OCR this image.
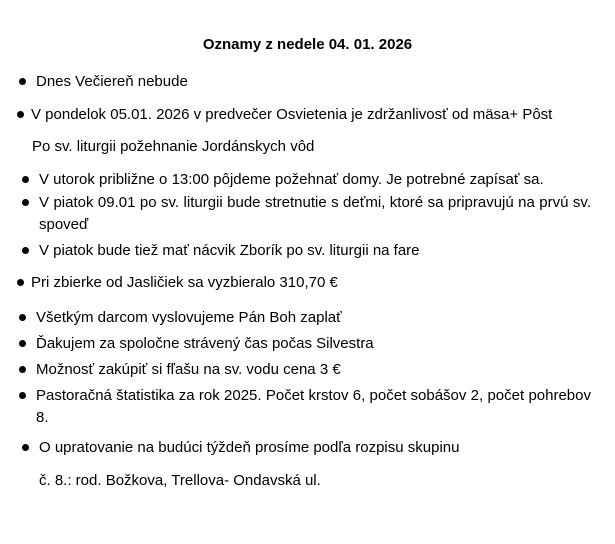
Oznamy z nedele 04. 01. 2026
Dnes Večiereň nebude
V pondelok 05.01. 2026 v predvečer Osvietenia je zdržanlivosť od mäsa+ Pôst
Po sv. liturgii požehnanie Jordánskych vôd
V utorok približne o 13:00 pôjdeme požehnať domy. Je potrebné zapísať sa.
V piatok 09.01 po sv. liturgii bude stretnutie s deťmi, ktoré sa pripravujú na prvú sv. spoveď
V piatok bude tiež mať nácvik Zborík po sv. liturgii na fare
Pri zbierke od Jasličiek sa vyzbieralo 310,70 €
Všetkým darcom vyslovujeme Pán Boh zaplať
Ďakujem za spoločne strávený čas počas Silvestra
Možnosť zakúpiť si fľašu na sv. vodu cena 3 €
Pastoračná štatistika za rok 2025. Počet krstov 6, počet sobášov 2, počet pohrebov 8.
O upratovanie na budúci týždeň prosíme podľa rozpisu skupinu
č. 8.: rod. Božkova, Trellova- Ondavská ul.
